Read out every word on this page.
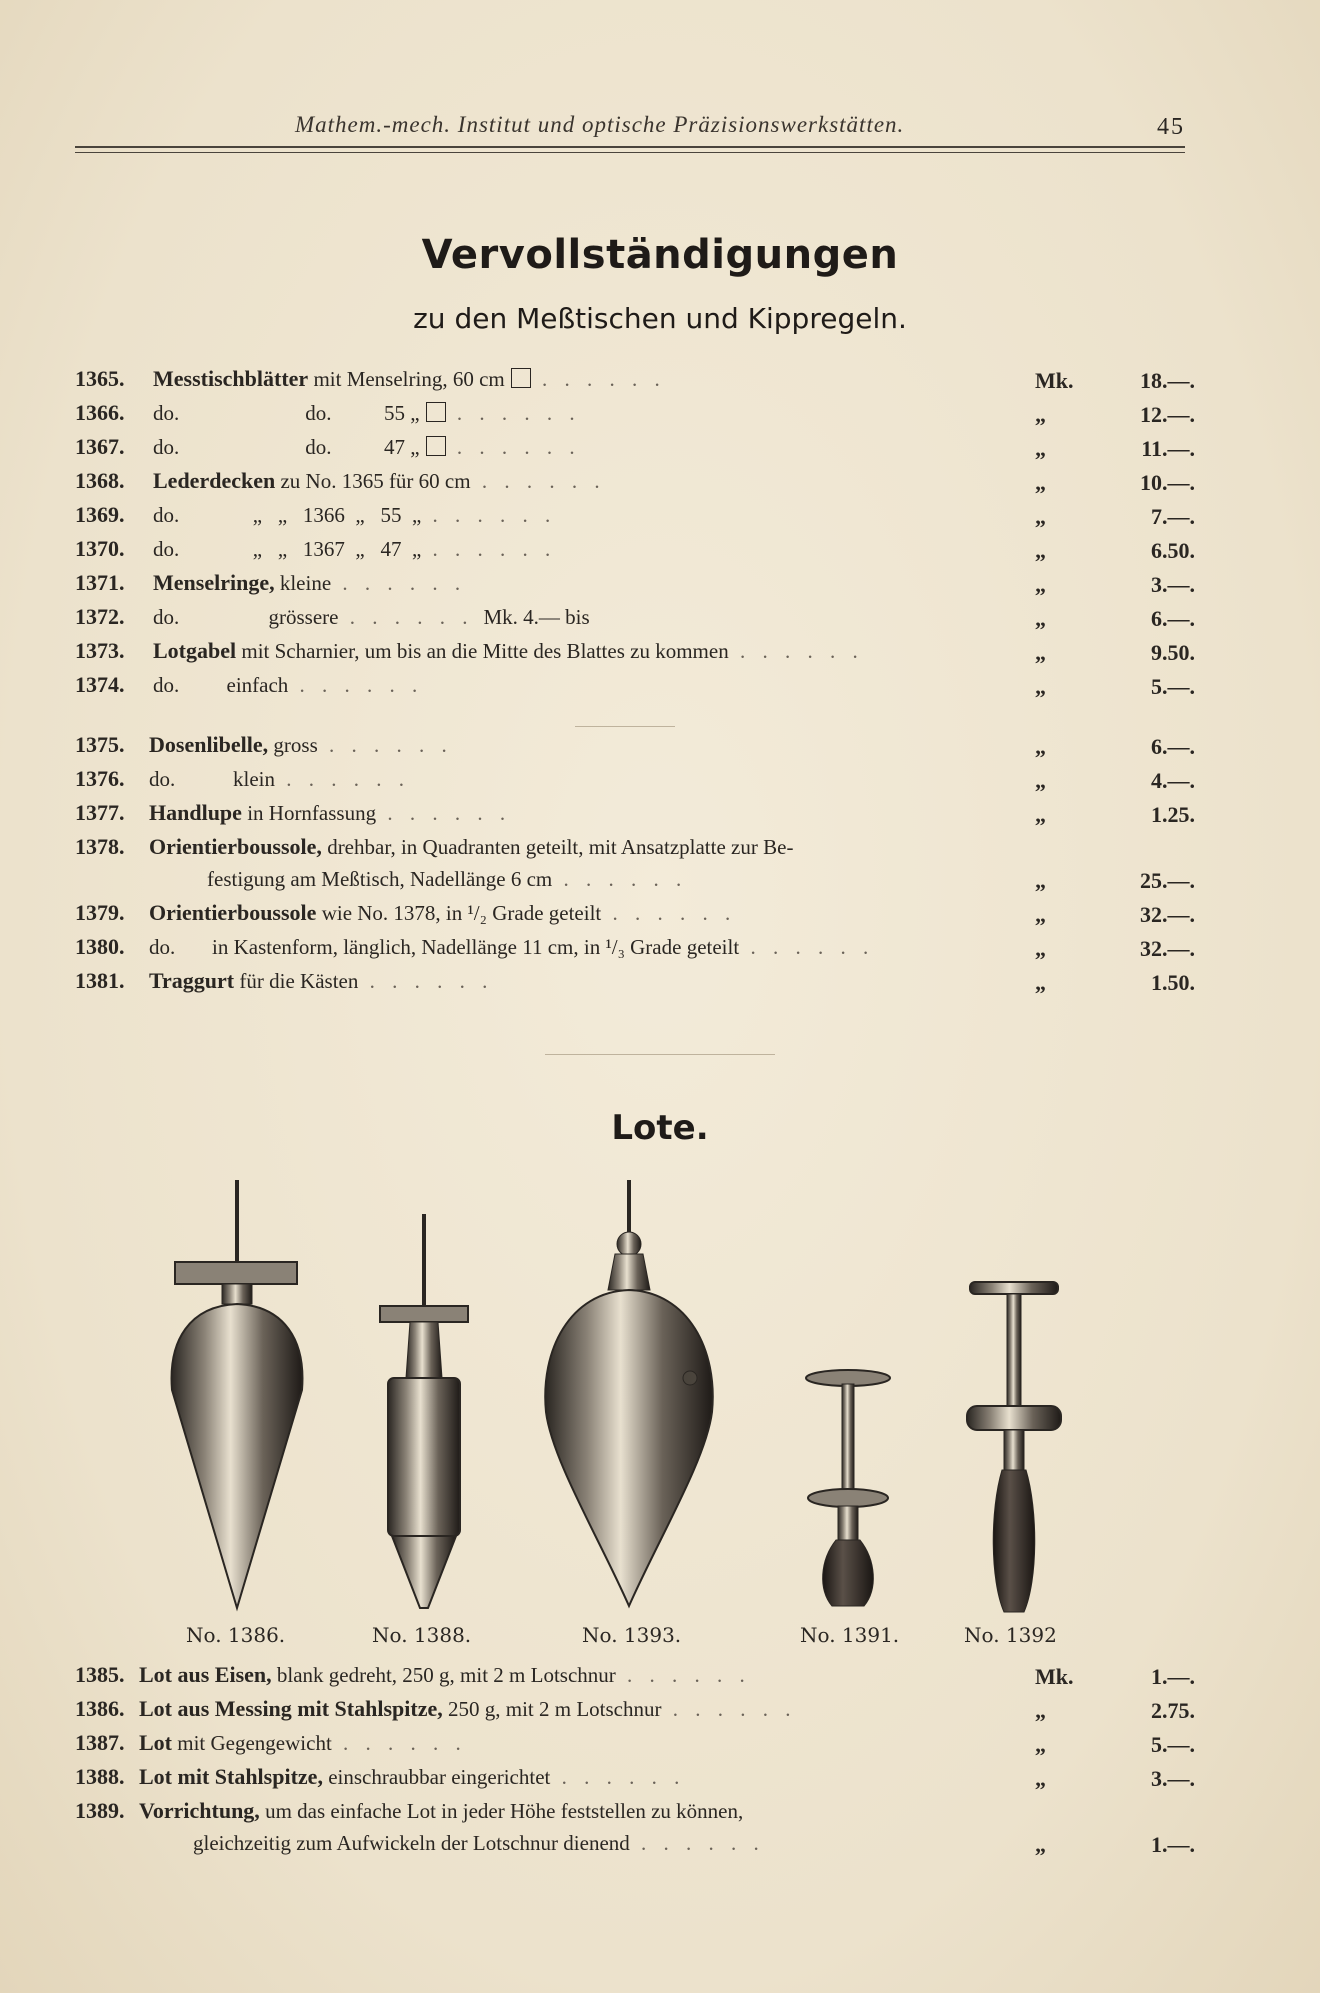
Mathem.-mech. Institut und optische Präzisionswerkstätten.	45
Vervollständigungen
zu den Meßtischen und Kippregeln.
1365. Messtischblätter mit Menselring, 60 cm . . . . . .	Mk.	18.—.
1366. do.                        do.          55 „ . . . . . .	„	12.—.
1367. do.                        do.          47 „ . . . . . .	„	11.—.
1368. Lederdecken zu No. 1365 für 60 cm . . . . . .	„	10.—.
1369. do.              „   „   1366  „   55  „ . . . . . .	„	7.—.
1370. do.              „   „   1367  „   47  „ . . . . . .	„	6.50.
1371. Menselringe, kleine . . . . . .	„	3.—.
1372. do.                 grössere . . . . . . Mk. 4.— bis	„	6.—.
1373. Lotgabel mit Scharnier, um bis an die Mitte des Blattes zu kommen . . . . . .	„	9.50.
1374. do.         einfach . . . . . .	„	5.—.
1375. Dosenlibelle, gross . . . . . .	„	6.—.
1376. do.           klein . . . . . .	„	4.—.
1377. Handlupe in Hornfassung . . . . . .	„	1.25.
1378. Orientierboussole, drehbar, in Quadranten geteilt, mit Ansatzplatte zur Be-
festigung am Meßtisch, Nadellänge 6 cm . . . . . .	„	25.—.
1379. Orientierboussole wie No. 1378, in ¹/₂ Grade geteilt . . . . . .	„	32.—.
1380. do.       in Kastenform, länglich, Nadellänge 11 cm, in ¹/₃ Grade geteilt . . . . . .	„	32.—.
1381. Traggurt für die Kästen . . . . . .	„	1.50.
Lote.
No. 1386.	No. 1388.	No. 1393.	No. 1391.	No. 1392
1385. Lot aus Eisen, blank gedreht, 250 g, mit 2 m Lotschnur . . . . . .	Mk.	1.—.
1386. Lot aus Messing mit Stahlspitze, 250 g, mit 2 m Lotschnur . . . . . .	„	2.75.
1387. Lot mit Gegengewicht . . . . . .	„	5.—.
1388. Lot mit Stahlspitze, einschraubbar eingerichtet . . . . . .	„	3.—.
1389. Vorrichtung, um das einfache Lot in jeder Höhe feststellen zu können,
gleichzeitig zum Aufwickeln der Lotschnur dienend . . . . . .	„	1.—.
